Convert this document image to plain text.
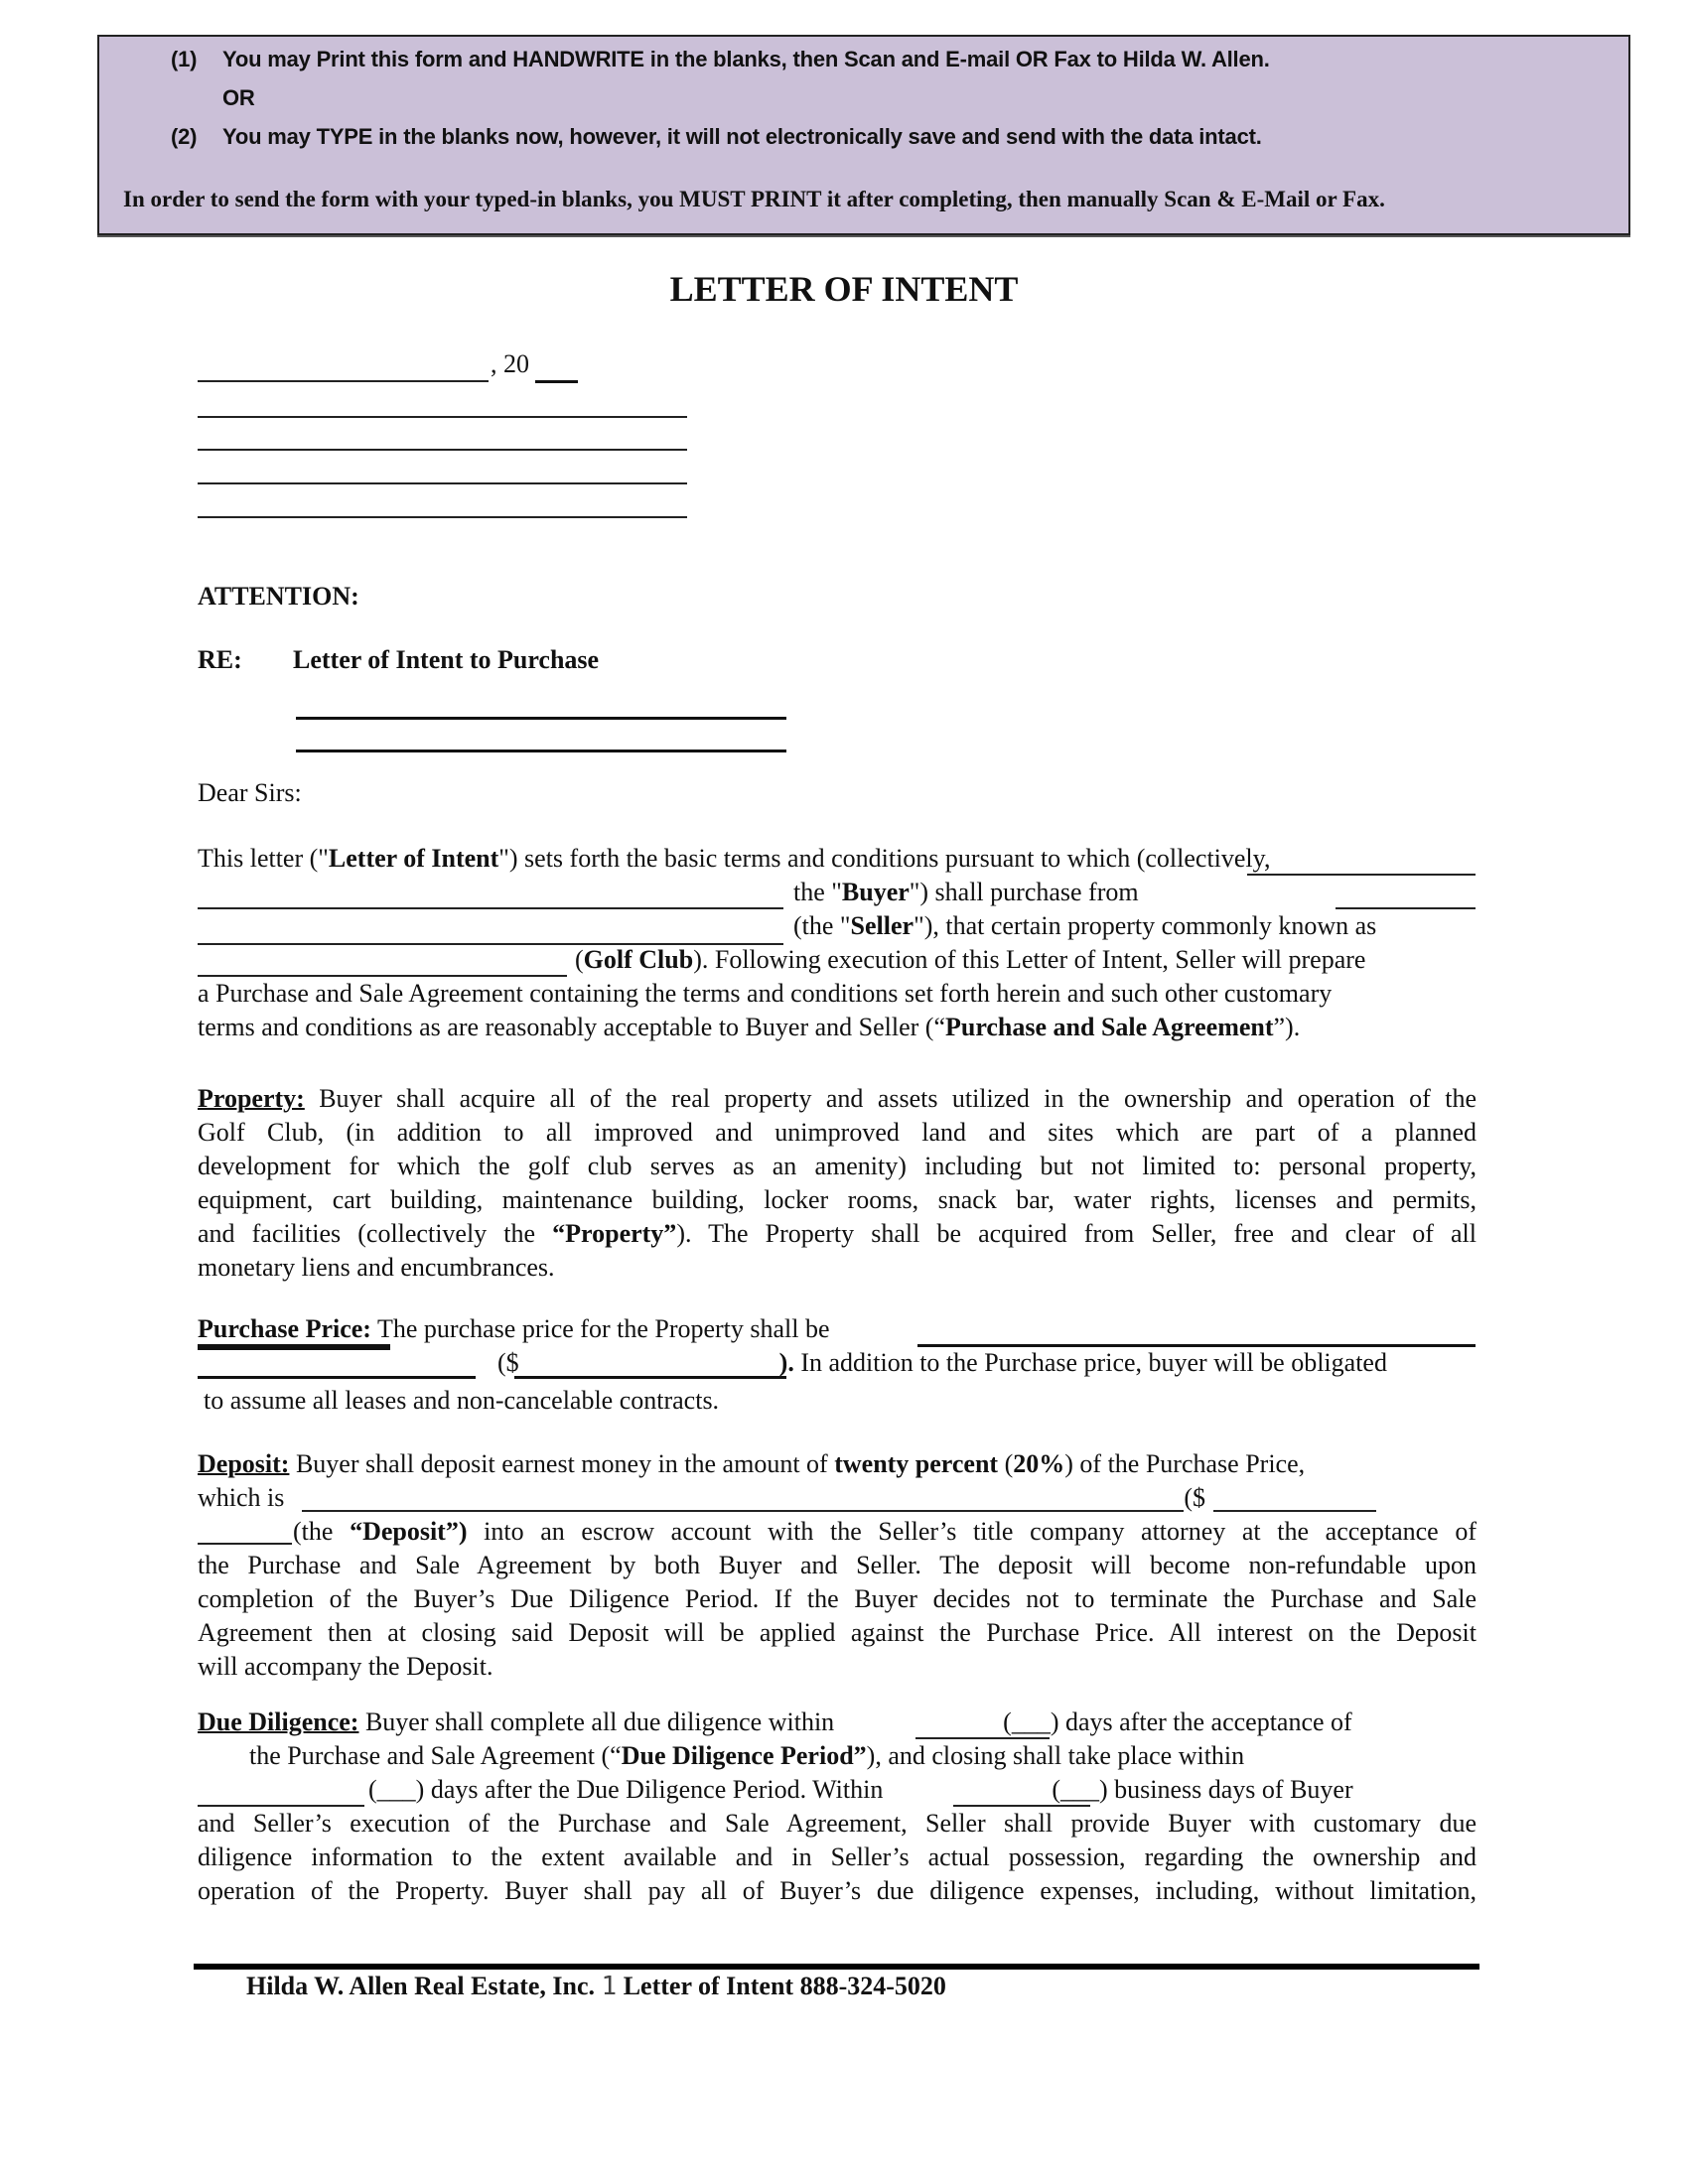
(1) You may Print this form and HANDWRITE in the blanks, then Scan and E-mail OR Fax to Hilda W. Allen.
OR
(2) You may TYPE in the blanks now, however, it will not electronically save and send with the data intact.
In order to send the form with your typed-in blanks, you MUST PRINT it after completing, then manually Scan & E-Mail or Fax.
LETTER OF INTENT
, 20
ATTENTION:
RE: Letter of Intent to Purchase
Dear Sirs:
This letter ("Letter of Intent") sets forth the basic terms and conditions pursuant to which (collectively,
the "Buyer") shall purchase from
(the "Seller"), that certain property commonly known as
(Golf Club). Following execution of this Letter of Intent, Seller will prepare
a Purchase and Sale Agreement containing the terms and conditions set forth herein and such other customary
terms and conditions as are reasonably acceptable to Buyer and Seller (“Purchase and Sale Agreement”).
Property: Buyer shall acquire all of the real property and assets utilized in the ownership and operation of the
Golf Club, (in addition to all improved and unimproved land and sites which are part of a planned
development for which the golf club serves as an amenity) including but not limited to: personal property,
equipment, cart building, maintenance building, locker rooms, snack bar, water rights, licenses and permits,
and facilities (collectively the “Property”). The Property shall be acquired from Seller, free and clear of all
monetary liens and encumbrances.
Purchase Price: The purchase price for the Property shall be
($	). In addition to the Purchase price, buyer will be obligated
to assume all leases and non-cancelable contracts.
Deposit: Buyer shall deposit earnest money in the amount of twenty percent (20%) of the Purchase Price,
which is	($
(the “Deposit”) into an escrow account with the Seller’s title company attorney at the acceptance of
the Purchase and Sale Agreement by both Buyer and Seller. The deposit will become non-refundable upon
completion of the Buyer’s Due Diligence Period. If the Buyer decides not to terminate the Purchase and Sale
Agreement then at closing said Deposit will be applied against the Purchase Price. All interest on the Deposit
will accompany the Deposit.
Due Diligence: Buyer shall complete all due diligence within	(___) days after the acceptance of
the Purchase and Sale Agreement (“Due Diligence Period”), and closing shall take place within
(___) days after the Due Diligence Period. Within	(___) business days of Buyer
and Seller’s execution of the Purchase and Sale Agreement, Seller shall provide Buyer with customary due
diligence information to the extent available and in Seller’s actual possession, regarding the ownership and
operation of the Property. Buyer shall pay all of Buyer’s due diligence expenses, including, without limitation,
Hilda W. Allen Real Estate, Inc. 1 Letter of Intent 888-324-5020
